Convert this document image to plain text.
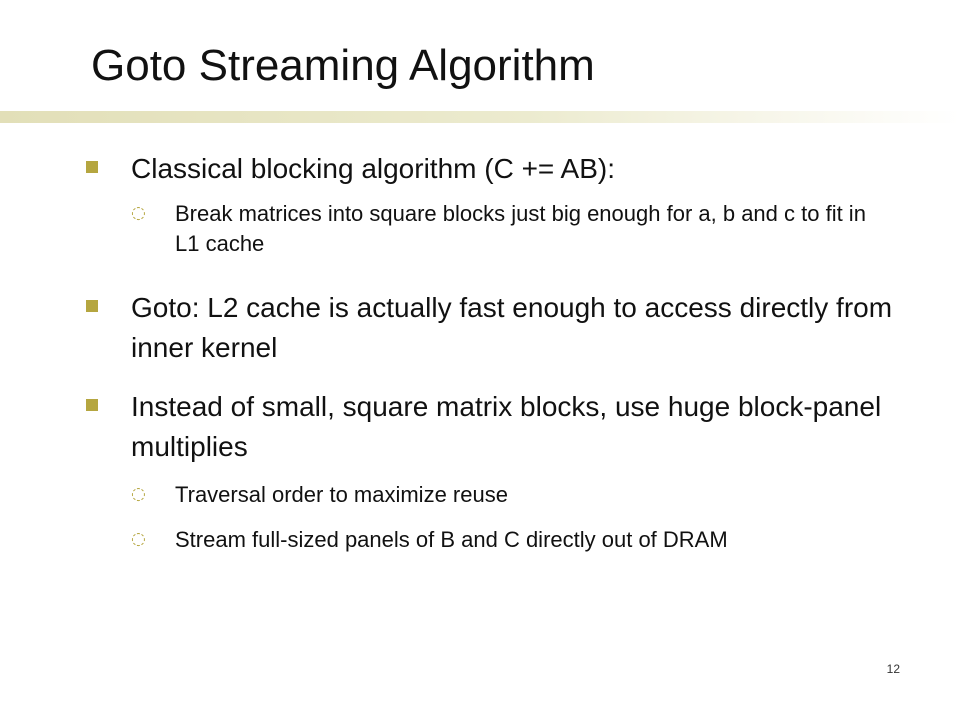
Goto Streaming Algorithm
Classical blocking algorithm (C += AB):
◌	Break matrices into square blocks just big enough for a, b and c to fit in L1 cache
Goto: L2 cache is actually fast enough to access directly from inner kernel
Instead of small, square matrix blocks, use huge block-panel multiplies
◌	Traversal order to maximize reuse
◌	Stream full-sized panels of B and C directly out of DRAM
12
